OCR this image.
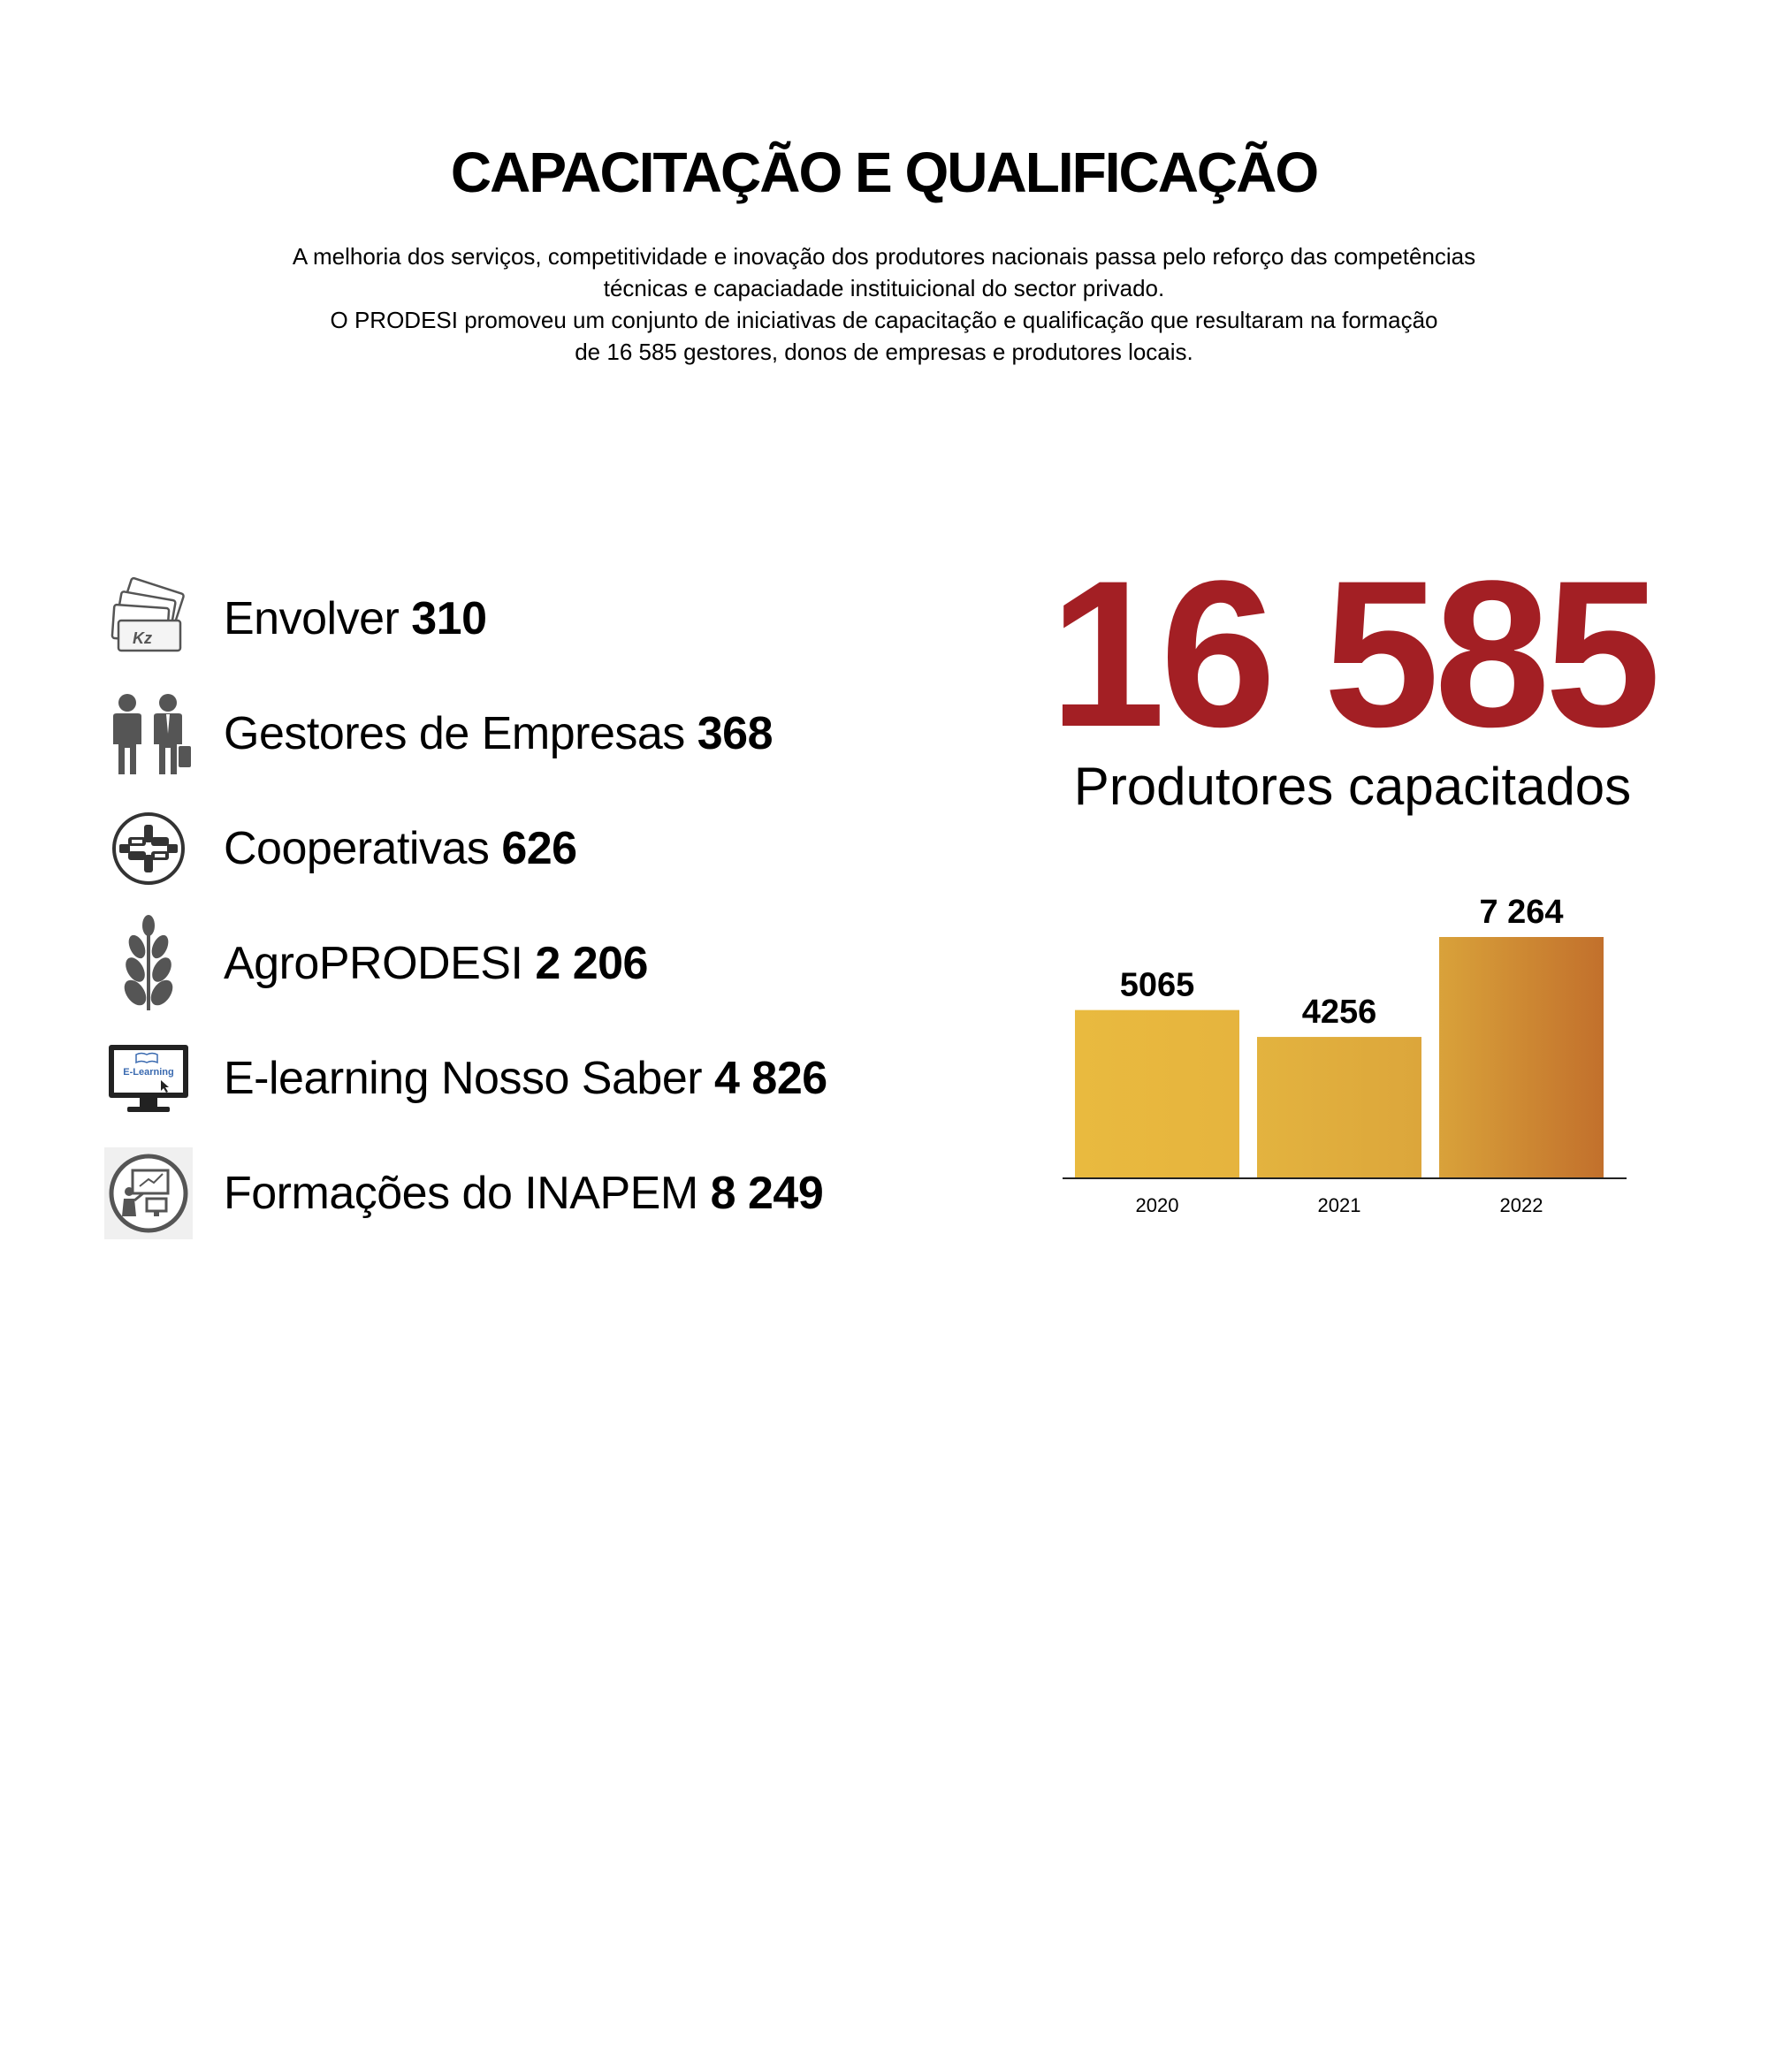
CAPACITAÇÃO E QUALIFICAÇÃO
A melhoria dos serviços, competitividade e inovação dos produtores nacionais passa pelo reforço das competências
técnicas e capaciadade instituicional do sector privado.
O PRODESI promoveu um conjunto de iniciativas de capacitação e qualificação que resultaram na formação
de 16 585 gestores, donos de empresas e produtores locais.
Kz Envolver 310
Gestores de Empresas 368
Cooperativas 626
AgroPRODESI 2 206
E-Learning E-learning Nosso Saber 4 826
Formações do INAPEM 8 249
16 585
Produtores capacitados
5065
2020
4256
2021
7 264
2022
